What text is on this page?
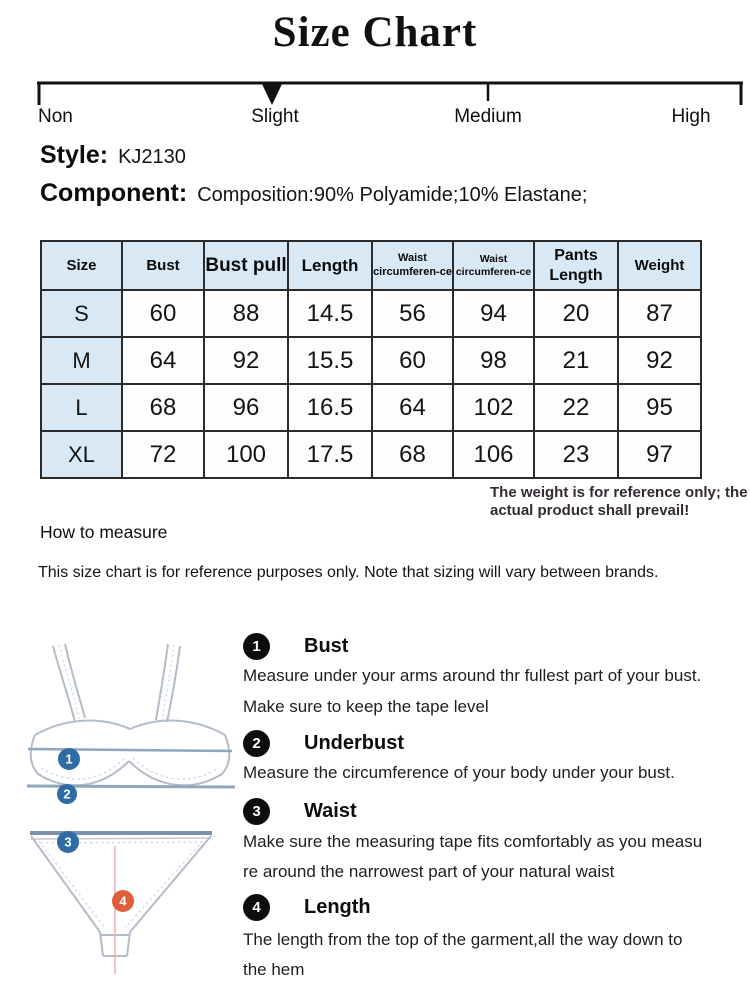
Size Chart
Non	Slight	Medium	High
Style: KJ2130
Component: Composition:90% Polyamide;10% Elastane;
Size	Bust	Bust pull	Length	Waist circumferen-ce	Waist circumferen-ce	Pants Length	Weight
S	60	88	14.5	56	94	20	87
M	64	92	15.5	60	98	21	92
L	68	96	16.5	64	102	22	95
XL	72	100	17.5	68	106	23	97
The weight is for reference only; the
actual product shall prevail!
How to measure
This size chart is for reference purposes only. Note that sizing will vary between brands.
1
2
3
4
1	Bust
Measure under your arms around thr fullest part of your bust.
Make sure to keep the tape level
2	Underbust
Measure the circumference of your body under your bust.
3	Waist
Make sure the measuring tape fits comfortably as you measu
re around the narrowest part of your natural waist
4	Length
The length from the top of the garment,all the way down to
the hem
